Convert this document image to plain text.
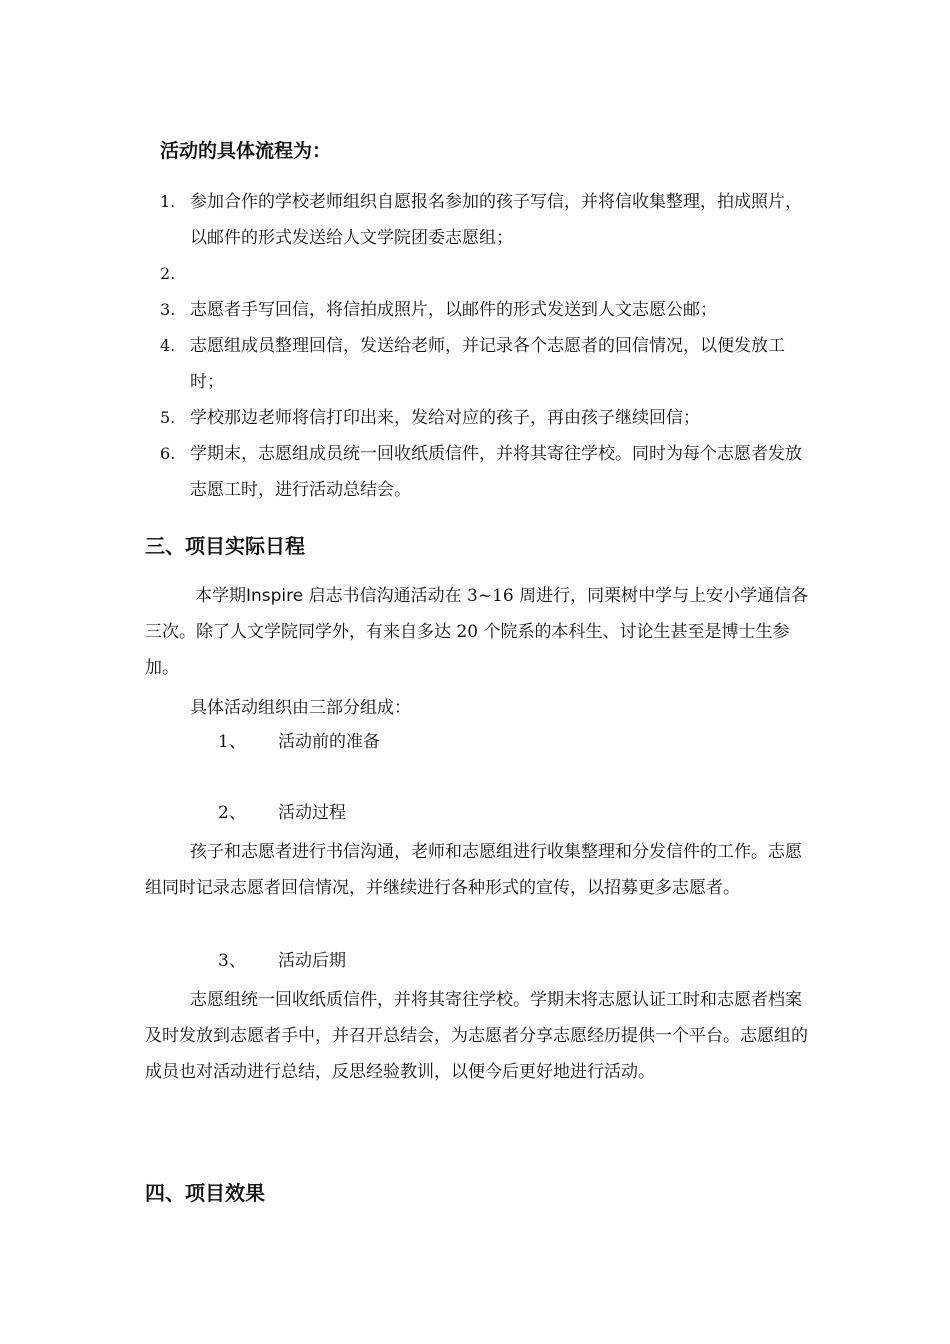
活动的具体流程为：
1. 参加合作的学校老师组织自愿报名参加的孩子写信，并将信收集整理，拍成照片，以邮件的形式发送给人文学院团委志愿组；
2.
3. 志愿者手写回信，将信拍成照片，以邮件的形式发送到人文志愿公邮；
4. 志愿组成员整理回信，发送给老师，并记录各个志愿者的回信情况，以便发放工时；
5. 学校那边老师将信打印出来，发给对应的孩子，再由孩子继续回信；
6. 学期末，志愿组成员统一回收纸质信件，并将其寄往学校。同时为每个志愿者发放志愿工时，进行活动总结会。
三、项目实际日程

本学期Inspire 启志书信沟通活动在 3~16 周进行，同栗树中学与上安小学通信各三次。除了人文学院同学外，有来自多达 20 个院系的本科生、讨论生甚至是博士生参加。

具体活动组织由三部分组成：

1、 活动前的准备
2、 活动过程

孩子和志愿者进行书信沟通，老师和志愿组进行收集整理和分发信件的工作。志愿组同时记录志愿者回信情况，并继续进行各种形式的宣传，以招募更多志愿者。

3、 活动后期

志愿组统一回收纸质信件，并将其寄往学校。学期末将志愿认证工时和志愿者档案及时发放到志愿者手中，并召开总结会，为志愿者分享志愿经历提供一个平台。志愿组的成员也对活动进行总结，反思经验教训，以便今后更好地进行活动。

四、项目效果
